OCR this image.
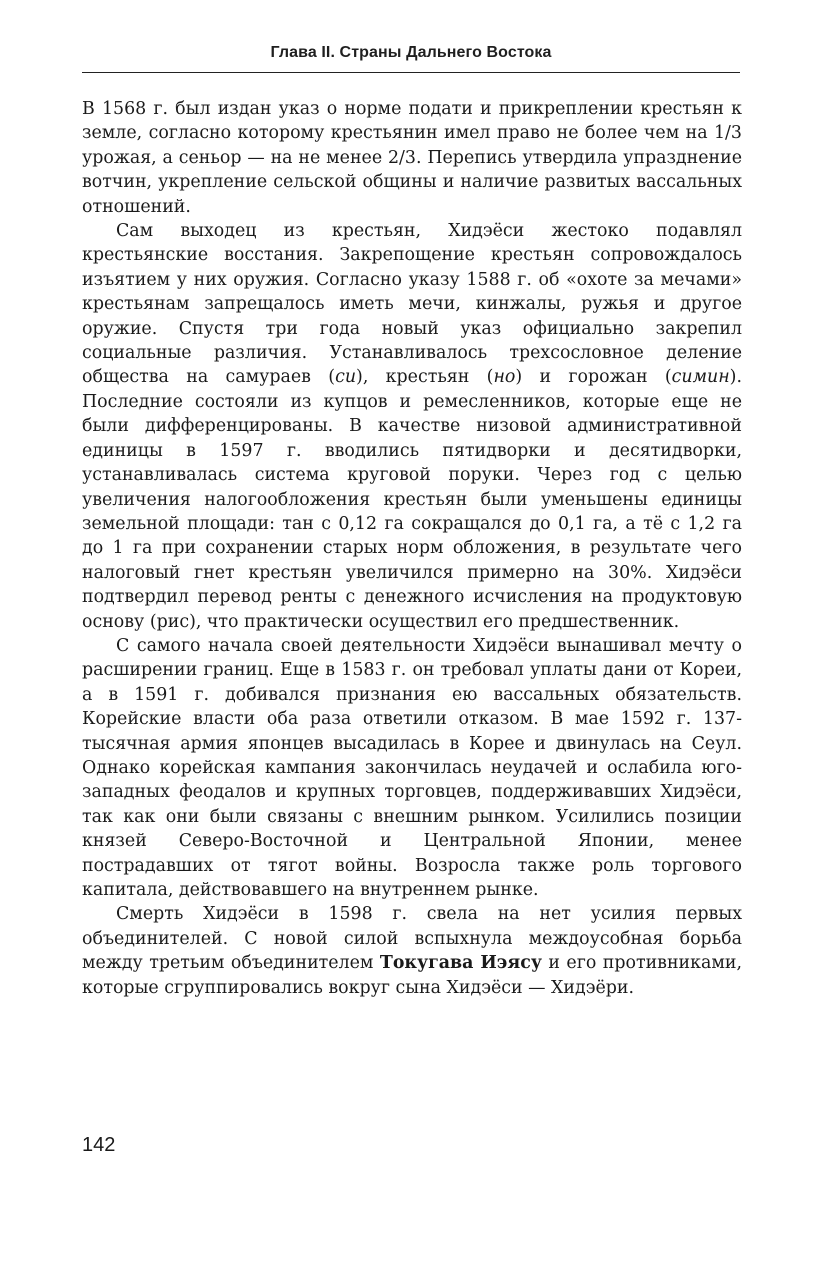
Глава II. Страны Дальнего Востока

В 1568 г. был издан указ о норме подати и прикреплении крестьян к земле, согласно которому крестьянин имел право не более чем на 1/3 урожая, а сеньор — на не менее 2/3. Перепись утвердила упразднение вотчин, укрепление сельской общины и наличие развитых вассальных отношений.

Сам выходец из крестьян, Хидэёси жестоко подавлял крестьянские восстания. Закрепощение крестьян сопровождалось изъятием у них оружия. Согласно указу 1588 г. об «охоте за мечами» крестьянам запрещалось иметь мечи, кинжалы, ружья и другое оружие. Спустя три года новый указ официально закрепил социальные различия. Устанавливалось трехсословное деление общества на самураев (си), крестьян (но) и горожан (симин). Последние состояли из купцов и ремесленников, которые еще не были дифференцированы. В качестве низовой административной единицы в 1597 г. вводились пятидворки и десятидворки, устанавливалась система круговой поруки. Через год с целью увеличения налогообложения крестьян были уменьшены единицы земельной площади: тан с 0,12 га сокращался до 0,1 га, а тё с 1,2 га до 1 га при сохранении старых норм обложения, в результате чего налоговый гнет крестьян увеличился примерно на 30%. Хидэёси подтвердил перевод ренты с денежного исчисления на продуктовую основу (рис), что практически осуществил его предшественник.

С самого начала своей деятельности Хидэёси вынашивал мечту о расширении границ. Еще в 1583 г. он требовал уплаты дани от Кореи, а в 1591 г. добивался признания ею вассальных обязательств. Корейские власти оба раза ответили отказом. В мае 1592 г. 137-тысячная армия японцев высадилась в Корее и двинулась на Сеул. Однако корейская кампания закончилась неудачей и ослабила юго-западных феодалов и крупных торговцев, поддерживавших Хидэёси, так как они были связаны с внешним рынком. Усилились позиции князей Северо-Восточной и Центральной Японии, менее пострадавших от тягот войны. Возросла также роль торгового капитала, действовавшего на внутреннем рынке.

Смерть Хидэёси в 1598 г. свела на нет усилия первых объединителей. С новой силой вспыхнула междоусобная борьба между третьим объединителем Токугава Иэясу и его противниками, которые сгруппировались вокруг сына Хидэёси — Хидэёри.

142
